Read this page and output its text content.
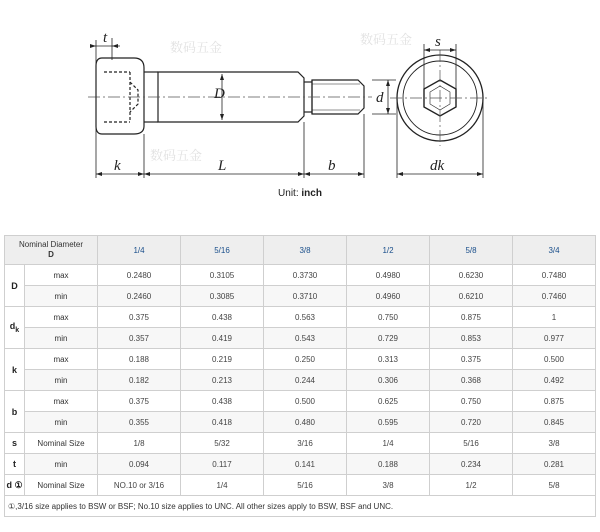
数码五金
数码五金
数码五金
t
D	d
k	L	b
s
dk
Unit: inch
Nominal Diameter
D		1/4	5/16	3/8	1/2	5/8	3/4
D	max	0.2480	0.3105	0.3730	0.4980	0.6230	0.7480
	min	0.2460	0.3085	0.3710	0.4960	0.6210	0.7460
$d_k$	max	0.375	0.438	0.563	0.750	0.875	1
	min	0.357	0.419	0.543	0.729	0.853	0.977
k	max	0.188	0.219	0.250	0.313	0.375	0.500
	min	0.182	0.213	0.244	0.306	0.368	0.492
b	max	0.375	0.438	0.500	0.625	0.750	0.875
	min	0.355	0.418	0.480	0.595	0.720	0.845
s	Nominal Size	1/8	5/32	3/16	1/4	5/16	3/8
t	min	0.094	0.117	0.141	0.188	0.234	0.281
d ①	Nominal Size	NO.10 or 3/16	1/4	5/16	3/8	1/2	5/8
①,3/16 size applies to BSW or BSF; No.10 size applies to UNC. All other sizes apply to BSW, BSF and UNC.							
